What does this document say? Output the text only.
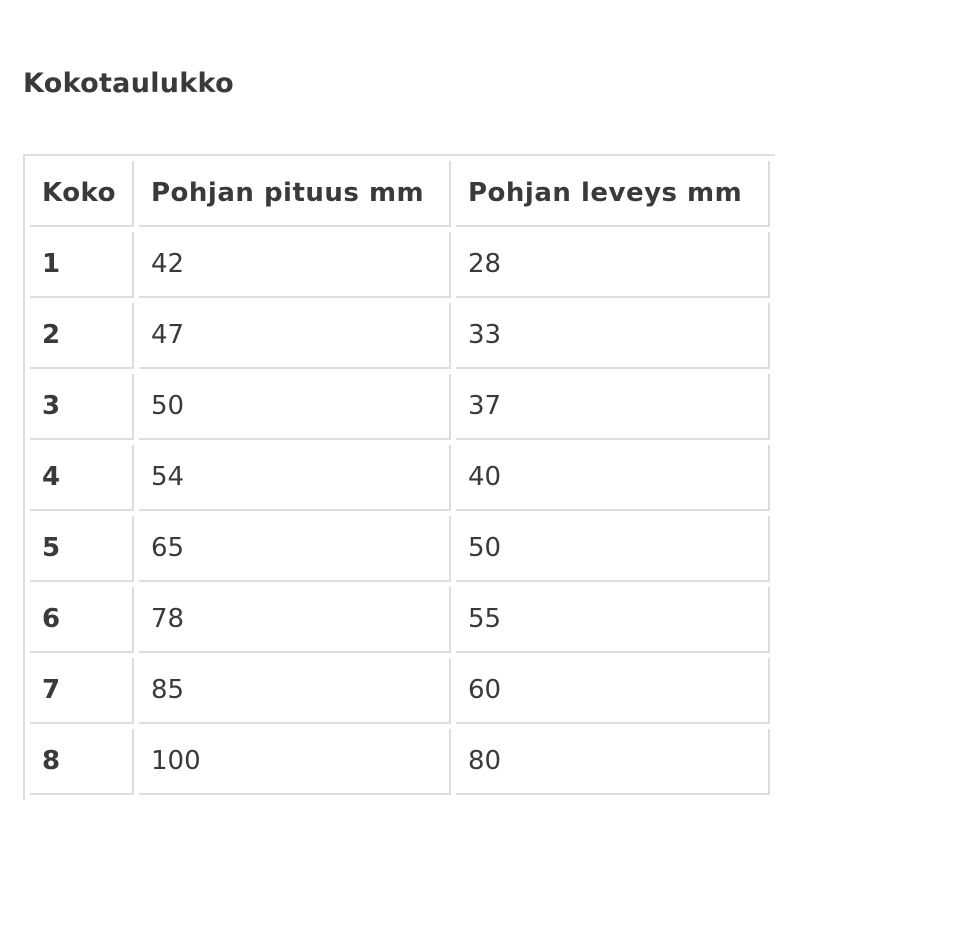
Kokotaulukko
Koko	Pohjan pituus mm	Pohjan leveys mm
1	42	28
2	47	33
3	50	37
4	54	40
5	65	50
6	78	55
7	85	60
8	100	80
